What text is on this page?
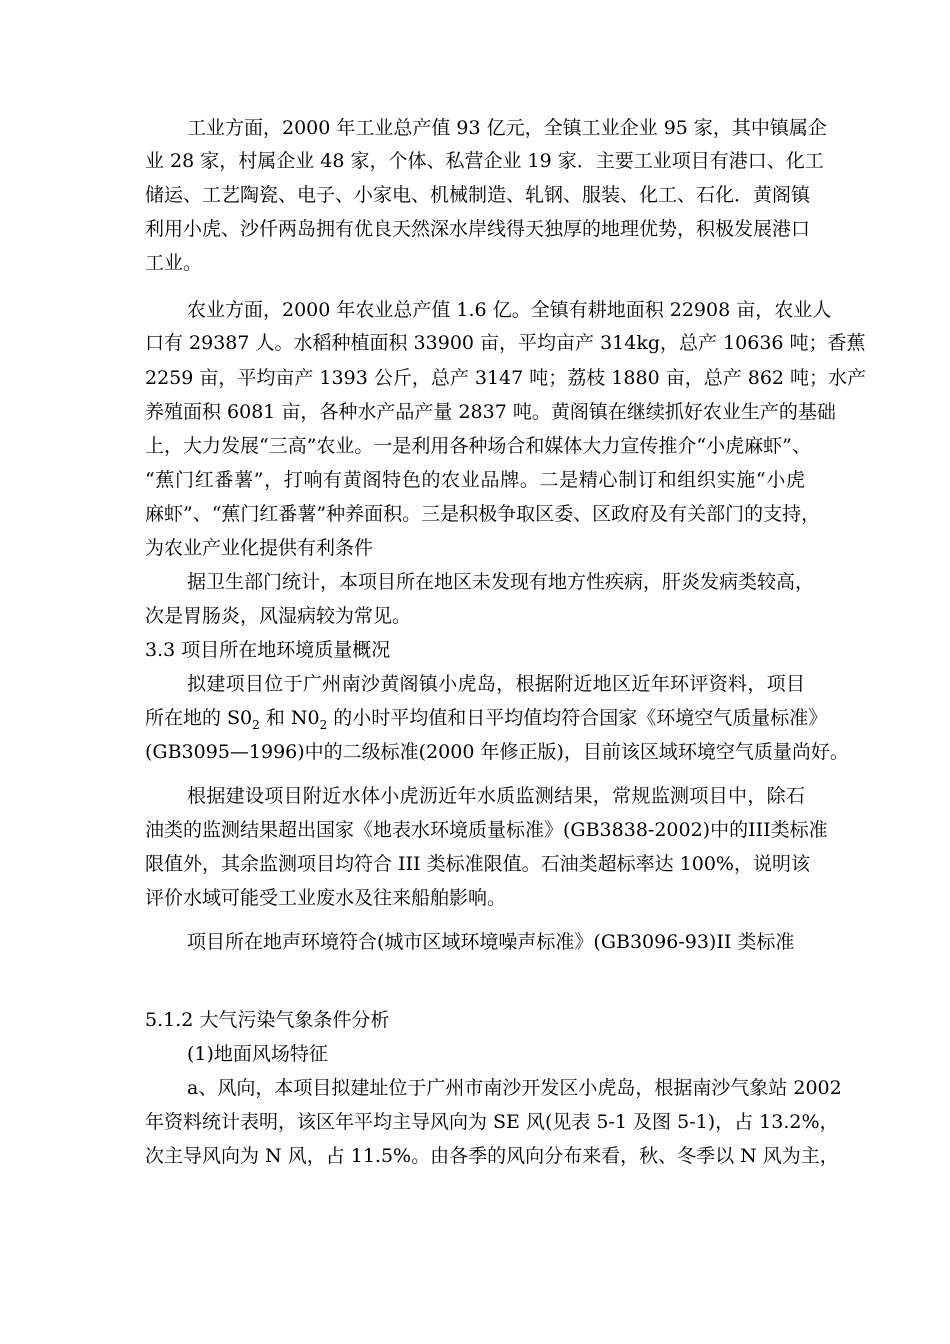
工业方面，2000 年工业总产值 93 亿元，全镇工业企业 95 家，其中镇属企
业 28 家，村属企业 48 家，个体、私营企业 19 家．主要工业项目有港口、化工
储运、工艺陶瓷、电子、小家电、机械制造、轧钢、服装、化工、石化．黄阁镇
利用小虎、沙仟两岛拥有优良天然深水岸线得天独厚的地理优势，积极发展港口
工业。
农业方面，2000 年农业总产值 1.6 亿。全镇有耕地面积 22908 亩，农业人
口有 29387 人。水稻种植面积 33900 亩，平均亩产 314kg，总产 10636 吨；香蕉
2259 亩，平均亩产 1393 公斤，总产 3147 吨；荔枝 1880 亩，总产 862 吨；水产
养殖面积 6081 亩，各种水产品产量 2837 吨。黄阁镇在继续抓好农业生产的基础
上，大力发展“三高”农业。一是利用各种场合和媒体大力宣传推介“小虎麻虾”、
“蕉门红番薯”，打响有黄阁特色的农业品牌。二是精心制订和组织实施“小虎
麻虾”、“蕉门红番薯”种养面积。三是积极争取区委、区政府及有关部门的支持，
为农业产业化提供有利条件
据卫生部门统计，本项目所在地区未发现有地方性疾病，肝炎发病类较高，
次是胃肠炎，风湿病较为常见。
3.3 项目所在地环境质量概况
拟建项目位于广州南沙黄阁镇小虎岛，根据附近地区近年环评资料，项目
所在地的 $S0_2$ 和 $N0_2$ 的小时平均值和日平均值均符合国家《环境空气质量标准》
(GB3095—1996)中的二级标准(2000 年修正版)，目前该区域环境空气质量尚好。
根据建设项目附近水体小虎沥近年水质监测结果，常规监测项目中，除石
油类的监测结果超出国家《地表水环境质量标准》(GB3838-2002)中的III类标准
限值外，其余监测项目均符合 III 类标准限值。石油类超标率达 100%，说明该
评价水域可能受工业废水及往来船舶影响。
项目所在地声环境符合(城市区域环境噪声标准》(GB3096-93)II 类标准
5.1.2 大气污染气象条件分析
(1)地面风场特征
a、风向，本项目拟建址位于广州市南沙开发区小虎岛，根据南沙气象站 2002
年资料统计表明，该区年平均主导风向为 SE 风(见表 5-1 及图 5-1)，占 13.2%，
次主导风向为 N 风，占 11.5%。由各季的风向分布来看，秋、冬季以 N 风为主，
